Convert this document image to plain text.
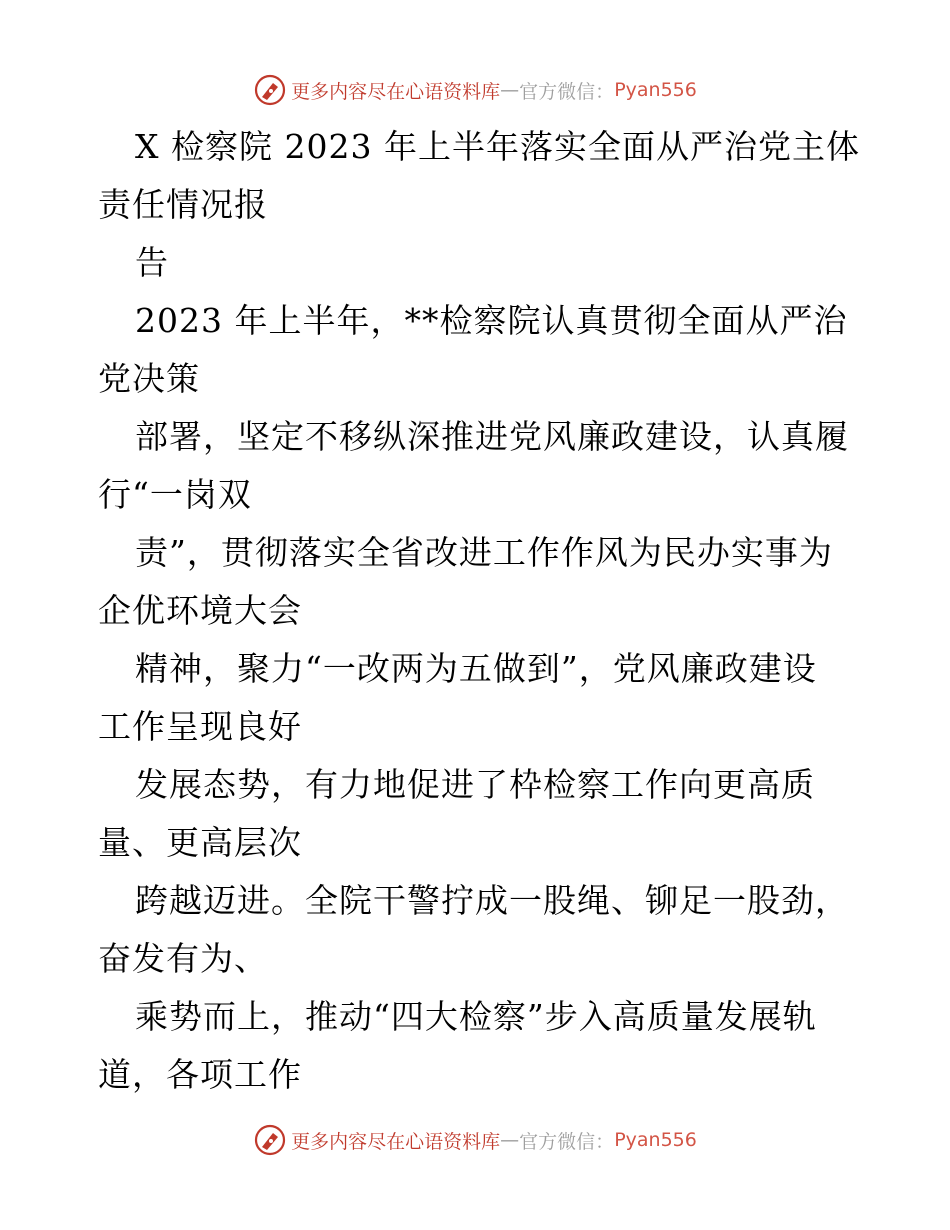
更多内容尽在心语资料库 — 官方微信： Pyan556
X 检察院 2023 年上半年落实全面从严治党主体
责任情况报
告
2023 年上半年，**检察院认真贯彻全面从严治
党决策
部署，坚定不移纵深推进党风廉政建设，认真履
行“一岗双
责”，贯彻落实全省改进工作作风为民办实事为
企优环境大会
精神，聚力“一改两为五做到”，党风廉政建设
工作呈现良好
发展态势，有力地促进了枠检察工作向更高质
量、更高层次
跨越迈进。全院干警拧成一股绳、铆足一股劲，
奋发有为、
乘势而上，推动“四大检察”步入高质量发展轨
道，各项工作
更多内容尽在心语资料库 — 官方微信： Pyan556
